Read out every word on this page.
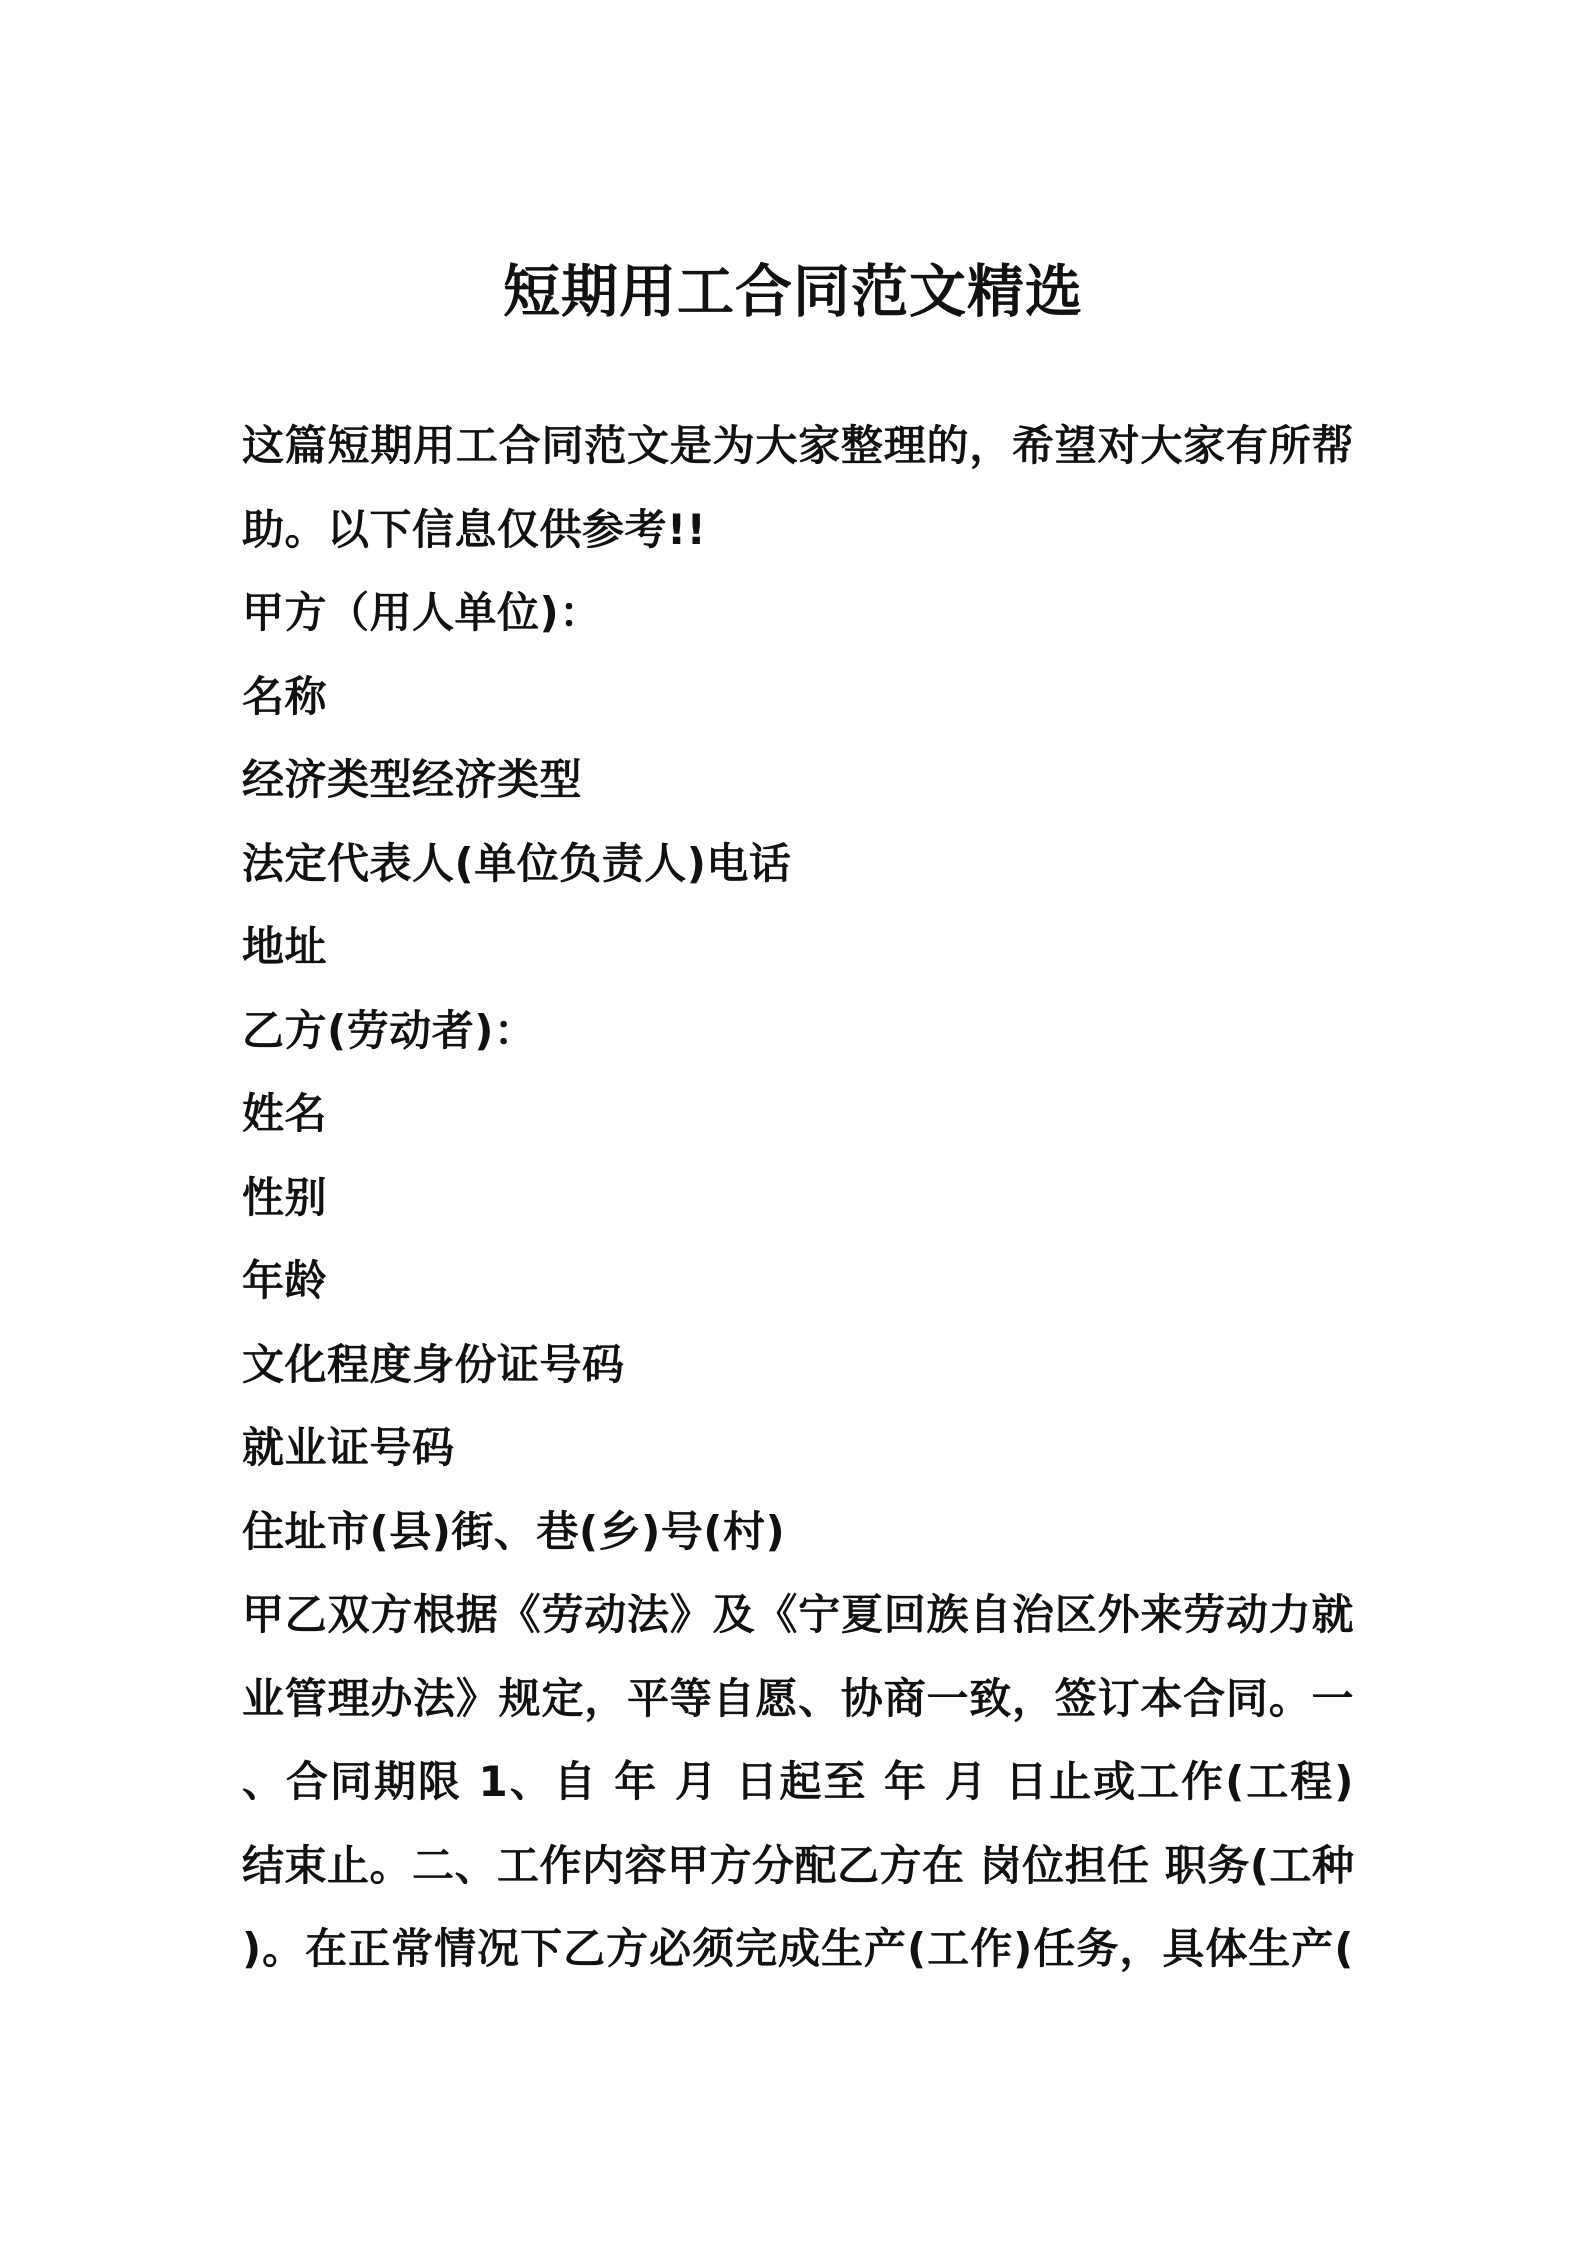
短期用工合同范文精选
这篇短期用工合同范文是为大家整理的，希望对大家有所帮
助。以下信息仅供参考!!
甲方（用人单位)：
名称
经济类型经济类型
法定代表人(单位负责人)电话
地址
乙方(劳动者)：
姓名
性别
年龄
文化程度身份证号码
就业证号码
住址市(县)街、巷(乡)号(村)
甲乙双方根据《劳动法》及《宁夏回族自治区外来劳动力就
业管理办法》规定，平等自愿、协商一致，签订本合同。一
、合同期限 1、自 年 月 日起至 年 月 日止或工作(工程)
结束止。二、工作内容甲方分配乙方在 岗位担任 职务(工种
)。在正常情况下乙方必须完成生产(工作)任务，具体生产(
